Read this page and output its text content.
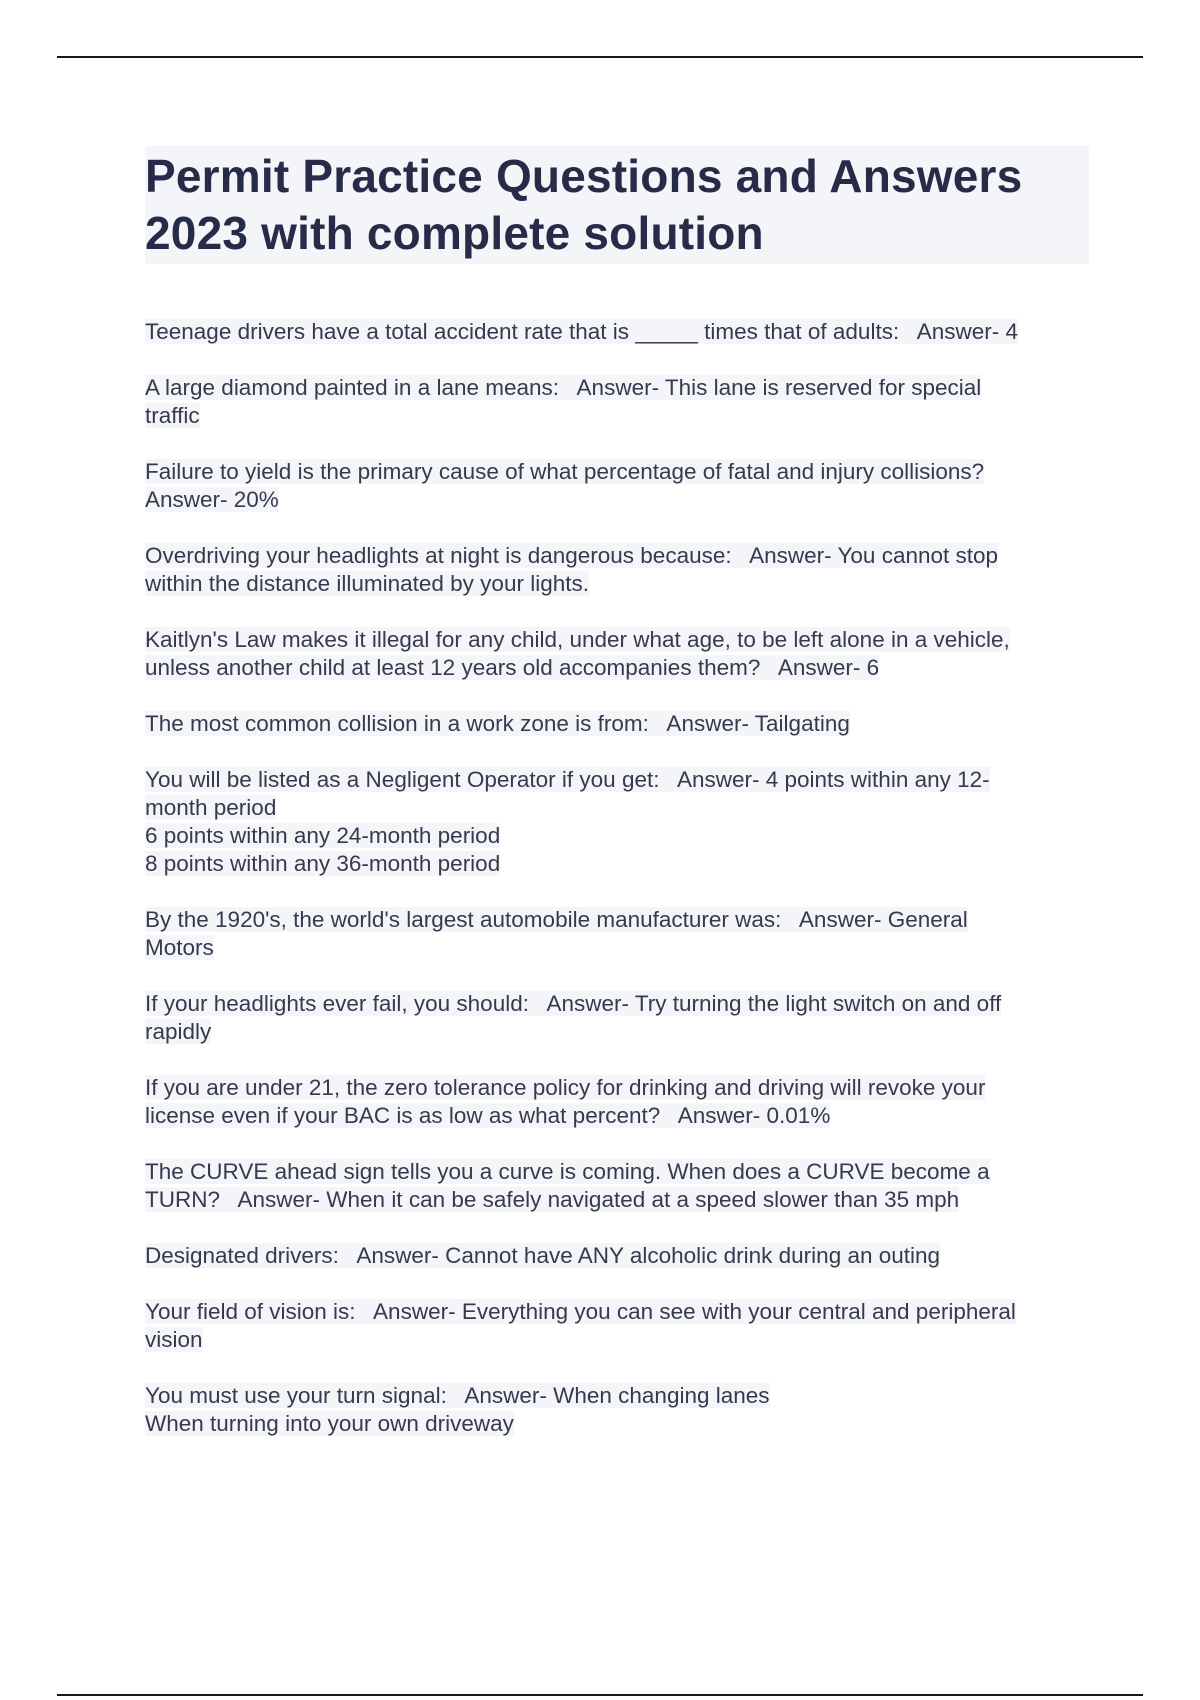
Permit Practice Questions and Answers
2023 with complete solution

Teenage drivers have a total accident rate that is _____ times that of adults:   Answer- 4

A large diamond painted in a lane means:   Answer- This lane is reserved for special
traffic

Failure to yield is the primary cause of what percentage of fatal and injury collisions?
Answer- 20%

Overdriving your headlights at night is dangerous because:   Answer- You cannot stop
within the distance illuminated by your lights.

Kaitlyn's Law makes it illegal for any child, under what age, to be left alone in a vehicle,
unless another child at least 12 years old accompanies them?   Answer- 6

The most common collision in a work zone is from:   Answer- Tailgating

You will be listed as a Negligent Operator if you get:   Answer- 4 points within any 12-
month period
6 points within any 24-month period
8 points within any 36-month period

By the 1920's, the world's largest automobile manufacturer was:   Answer- General
Motors

If your headlights ever fail, you should:   Answer- Try turning the light switch on and off
rapidly

If you are under 21, the zero tolerance policy for drinking and driving will revoke your
license even if your BAC is as low as what percent?   Answer- 0.01%

The CURVE ahead sign tells you a curve is coming. When does a CURVE become a
TURN?   Answer- When it can be safely navigated at a speed slower than 35 mph

Designated drivers:   Answer- Cannot have ANY alcoholic drink during an outing

Your field of vision is:   Answer- Everything you can see with your central and peripheral
vision

You must use your turn signal:   Answer- When changing lanes
When turning into your own driveway
